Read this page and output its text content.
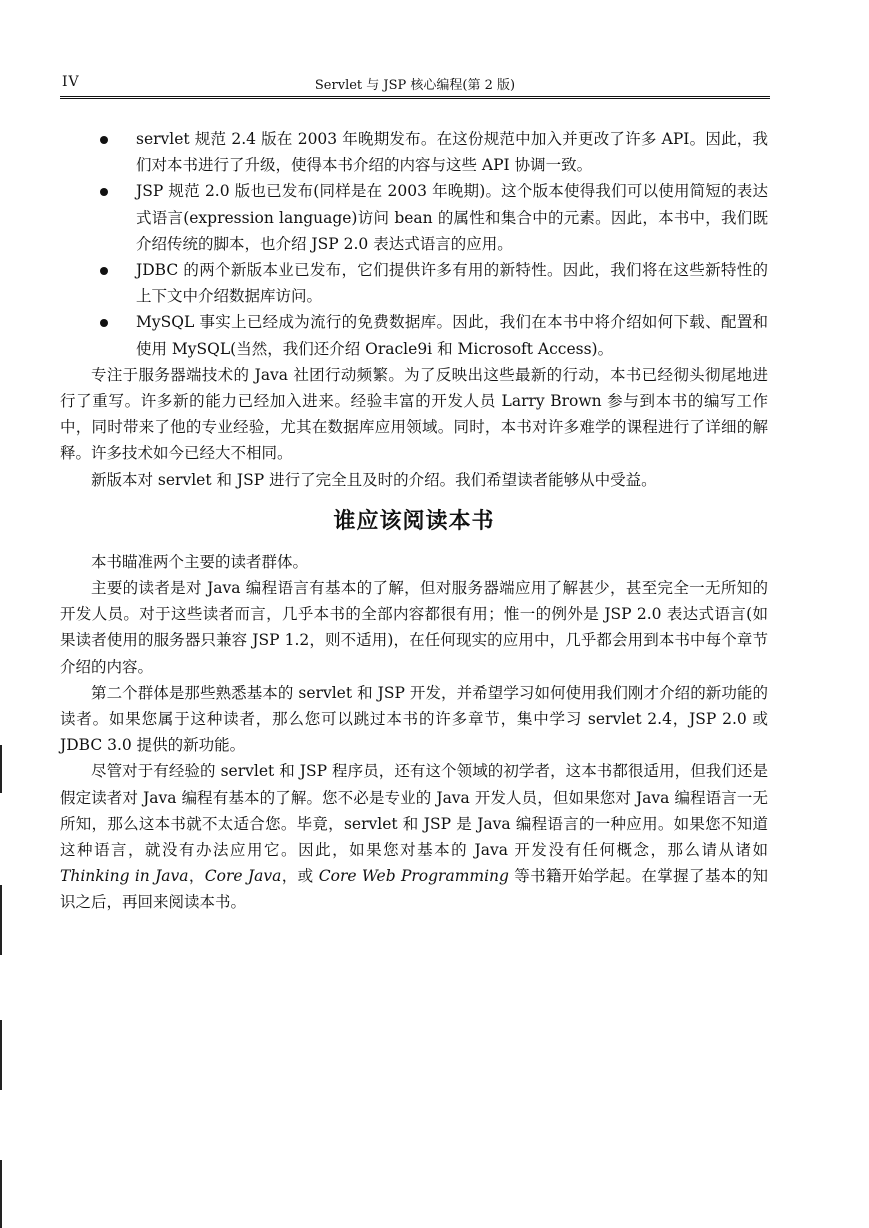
IV	Servlet 与 JSP 核心编程(第 2 版)
servlet 规范 2.4 版在 2003 年晚期发布。在这份规范中加入并更改了许多 API。因此，我们对本书进行了升级，使得本书介绍的内容与这些 API 协调一致。
JSP 规范 2.0 版也已发布(同样是在 2003 年晚期)。这个版本使得我们可以使用简短的表达式语言(expression language)访问 bean 的属性和集合中的元素。因此，本书中，我们既介绍传统的脚本，也介绍 JSP 2.0 表达式语言的应用。
JDBC 的两个新版本业已发布，它们提供许多有用的新特性。因此，我们将在这些新特性的上下文中介绍数据库访问。
MySQL 事实上已经成为流行的免费数据库。因此，我们在本书中将介绍如何下载、配置和使用 MySQL(当然，我们还介绍 Oracle9i 和 Microsoft Access)。

专注于服务器端技术的 Java 社团行动频繁。为了反映出这些最新的行动，本书已经彻头彻尾地进行了重写。许多新的能力已经加入进来。经验丰富的开发人员 Larry Brown 参与到本书的编写工作中，同时带来了他的专业经验，尤其在数据库应用领域。同时，本书对许多难学的课程进行了详细的解释。许多技术如今已经大不相同。

新版本对 servlet 和 JSP 进行了完全且及时的介绍。我们希望读者能够从中受益。

谁应该阅读本书

本书瞄准两个主要的读者群体。

主要的读者是对 Java 编程语言有基本的了解，但对服务器端应用了解甚少，甚至完全一无所知的开发人员。对于这些读者而言，几乎本书的全部内容都很有用；惟一的例外是 JSP 2.0 表达式语言(如果读者使用的服务器只兼容 JSP 1.2，则不适用)，在任何现实的应用中，几乎都会用到本书中每个章节介绍的内容。

第二个群体是那些熟悉基本的 servlet 和 JSP 开发，并希望学习如何使用我们刚才介绍的新功能的读者。如果您属于这种读者，那么您可以跳过本书的许多章节，集中学习 servlet 2.4，JSP 2.0 或 JDBC 3.0 提供的新功能。

尽管对于有经验的 servlet 和 JSP 程序员，还有这个领域的初学者，这本书都很适用，但我们还是假定读者对 Java 编程有基本的了解。您不必是专业的 Java 开发人员，但如果您对 Java 编程语言一无所知，那么这本书就不太适合您。毕竟，servlet 和 JSP 是 Java 编程语言的一种应用。如果您不知道这种语言，就没有办法应用它。因此，如果您对基本的 Java 开发没有任何概念，那么请从诸如 Thinking in Java，Core Java，或 Core Web Programming 等书籍开始学起。在掌握了基本的知识之后，再回来阅读本书。
